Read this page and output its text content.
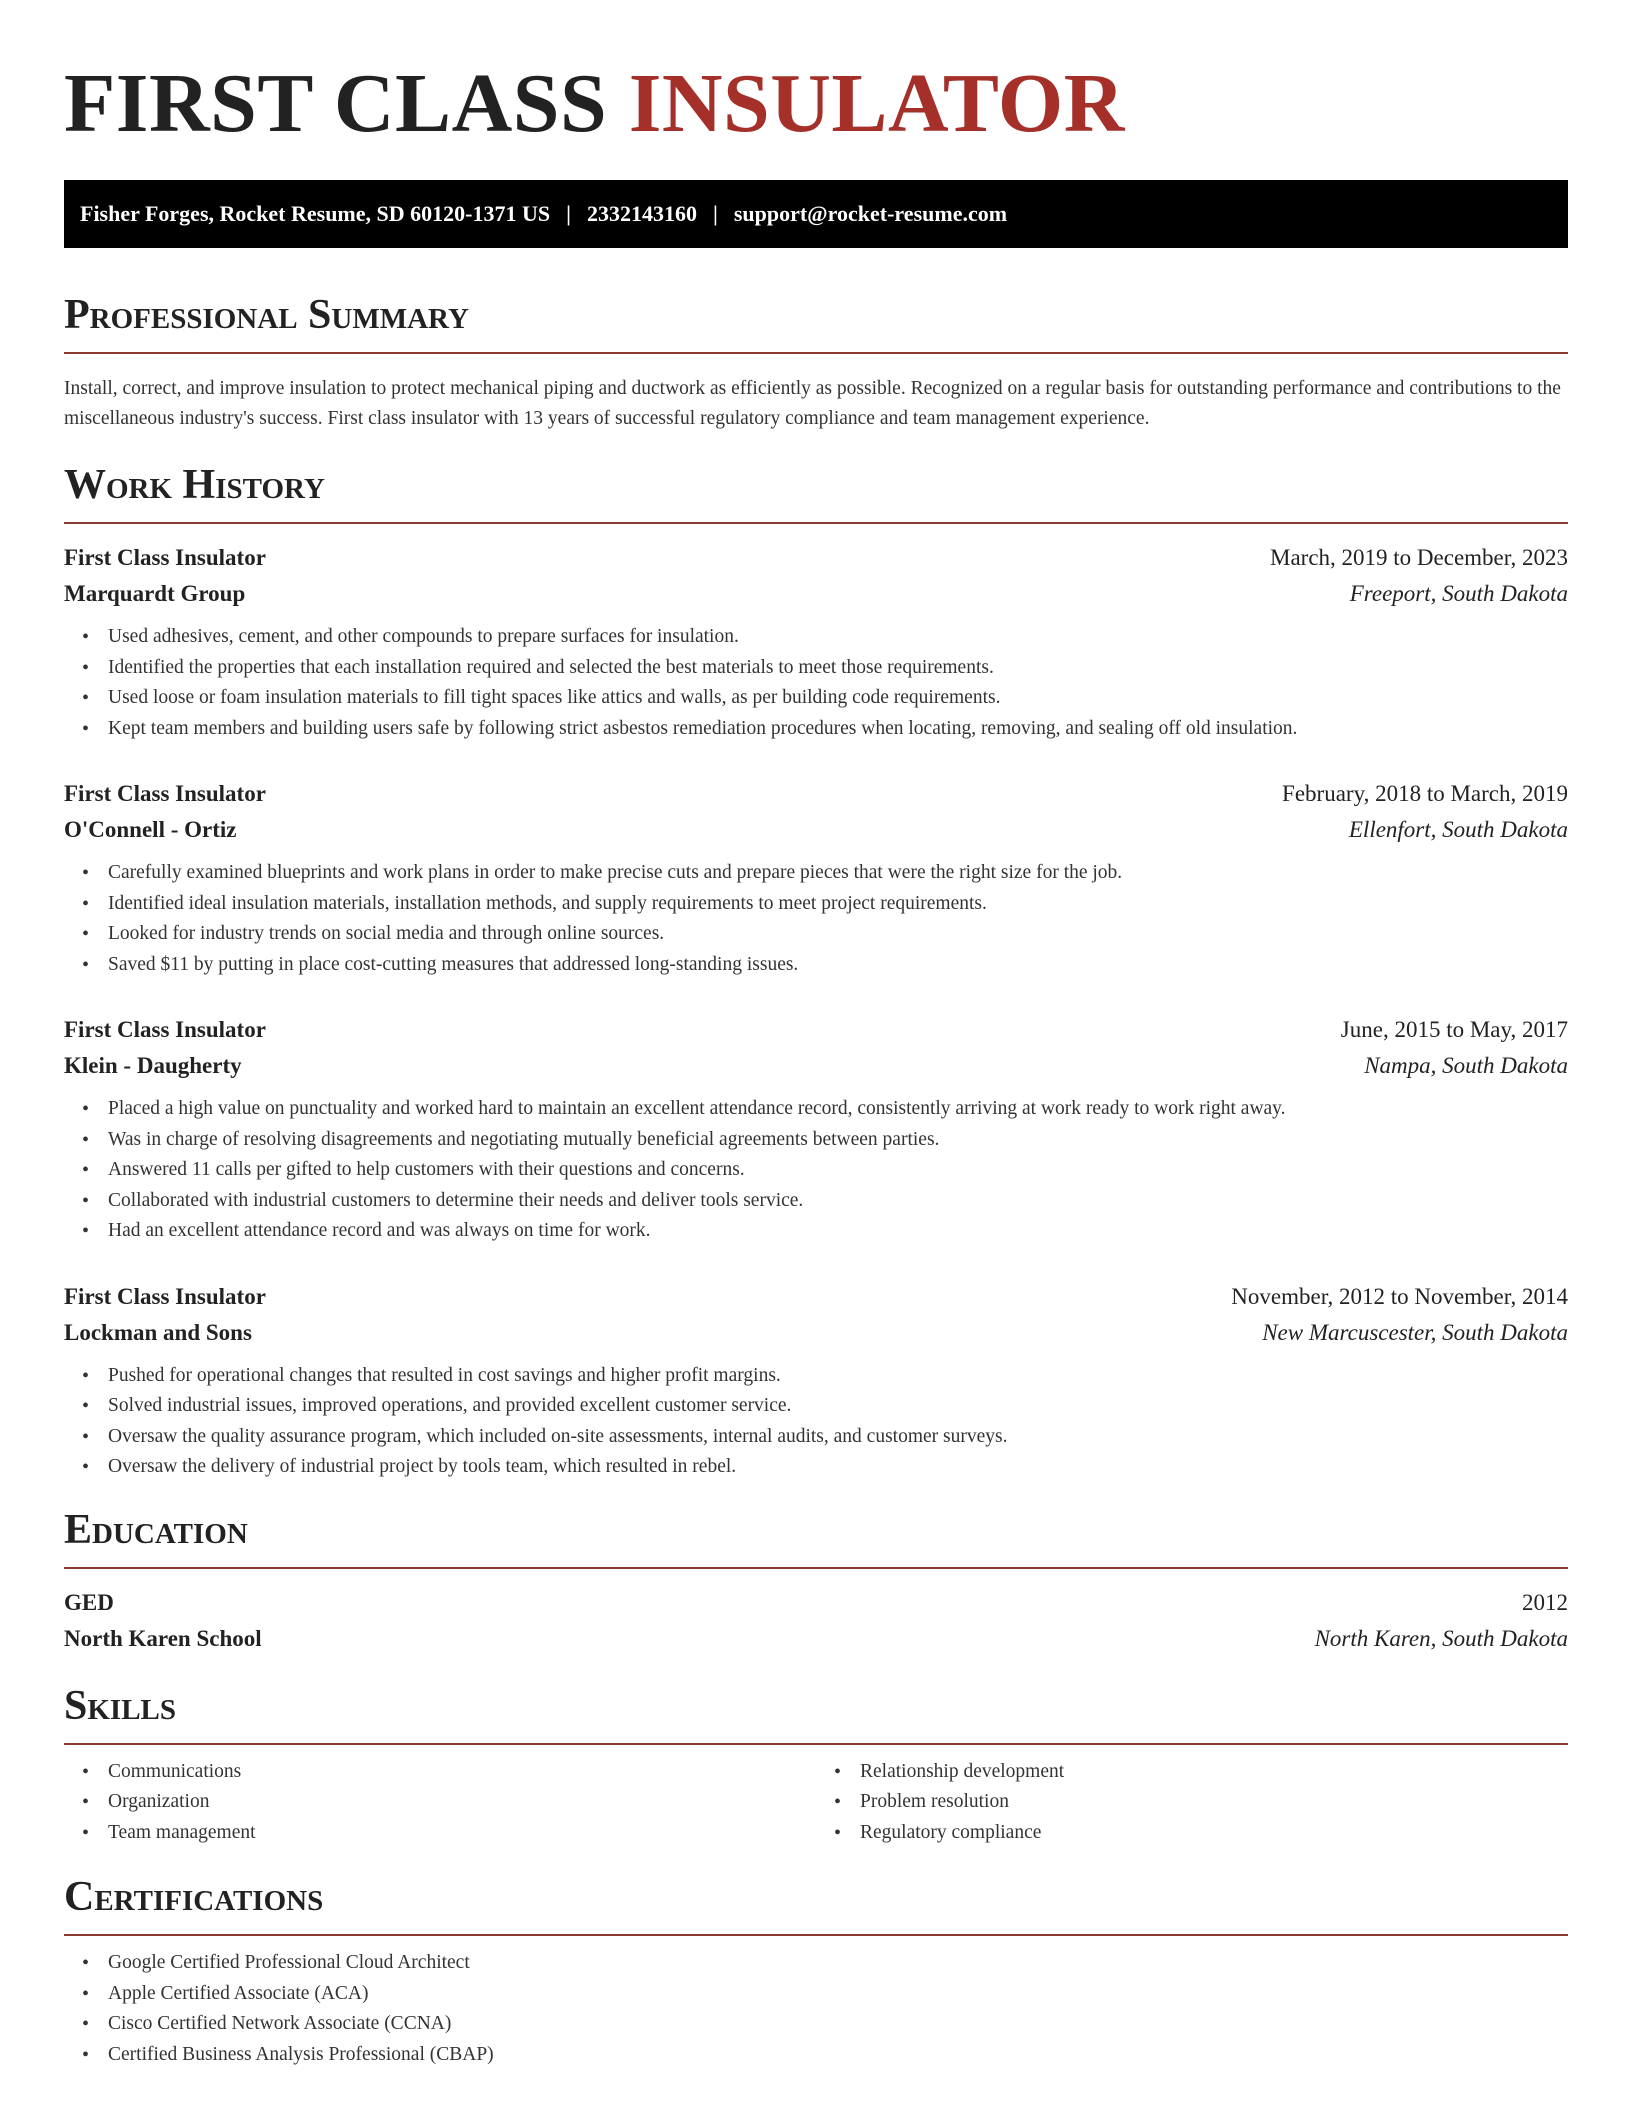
FIRST CLASS INSULATOR
Fisher Forges, Rocket Resume, SD 60120-1371 US | 2332143160 | support@rocket-resume.com
Professional Summary

Install, correct, and improve insulation to protect mechanical piping and ductwork as efficiently as possible. Recognized on a regular basis for outstanding performance and contributions to the miscellaneous industry's success. First class insulator with 13 years of successful regulatory compliance and team management experience.

Work History
First Class Insulator	March, 2019 to December, 2023
Marquardt Group	Freeport, South Dakota
• Used adhesives, cement, and other compounds to prepare surfaces for insulation.
• Identified the properties that each installation required and selected the best materials to meet those requirements.
• Used loose or foam insulation materials to fill tight spaces like attics and walls, as per building code requirements.
• Kept team members and building users safe by following strict asbestos remediation procedures when locating, removing, and sealing off old insulation.
First Class Insulator	February, 2018 to March, 2019
O'Connell - Ortiz	Ellenfort, South Dakota
• Carefully examined blueprints and work plans in order to make precise cuts and prepare pieces that were the right size for the job.
• Identified ideal insulation materials, installation methods, and supply requirements to meet project requirements.
• Looked for industry trends on social media and through online sources.
• Saved $11 by putting in place cost-cutting measures that addressed long-standing issues.
First Class Insulator	June, 2015 to May, 2017
Klein - Daugherty	Nampa, South Dakota
• Placed a high value on punctuality and worked hard to maintain an excellent attendance record, consistently arriving at work ready to work right away.
• Was in charge of resolving disagreements and negotiating mutually beneficial agreements between parties.
• Answered 11 calls per gifted to help customers with their questions and concerns.
• Collaborated with industrial customers to determine their needs and deliver tools service.
• Had an excellent attendance record and was always on time for work.
First Class Insulator	November, 2012 to November, 2014
Lockman and Sons	New Marcuscester, South Dakota
• Pushed for operational changes that resulted in cost savings and higher profit margins.
• Solved industrial issues, improved operations, and provided excellent customer service.
• Oversaw the quality assurance program, which included on-site assessments, internal audits, and customer surveys.
• Oversaw the delivery of industrial project by tools team, which resulted in rebel.
Education
GED	2012
North Karen School	North Karen, South Dakota
Skills
• Communications
• Organization
• Team management
• Relationship development
• Problem resolution
• Regulatory compliance
Certifications
• Google Certified Professional Cloud Architect
• Apple Certified Associate (ACA)
• Cisco Certified Network Associate (CCNA)
• Certified Business Analysis Professional (CBAP)
